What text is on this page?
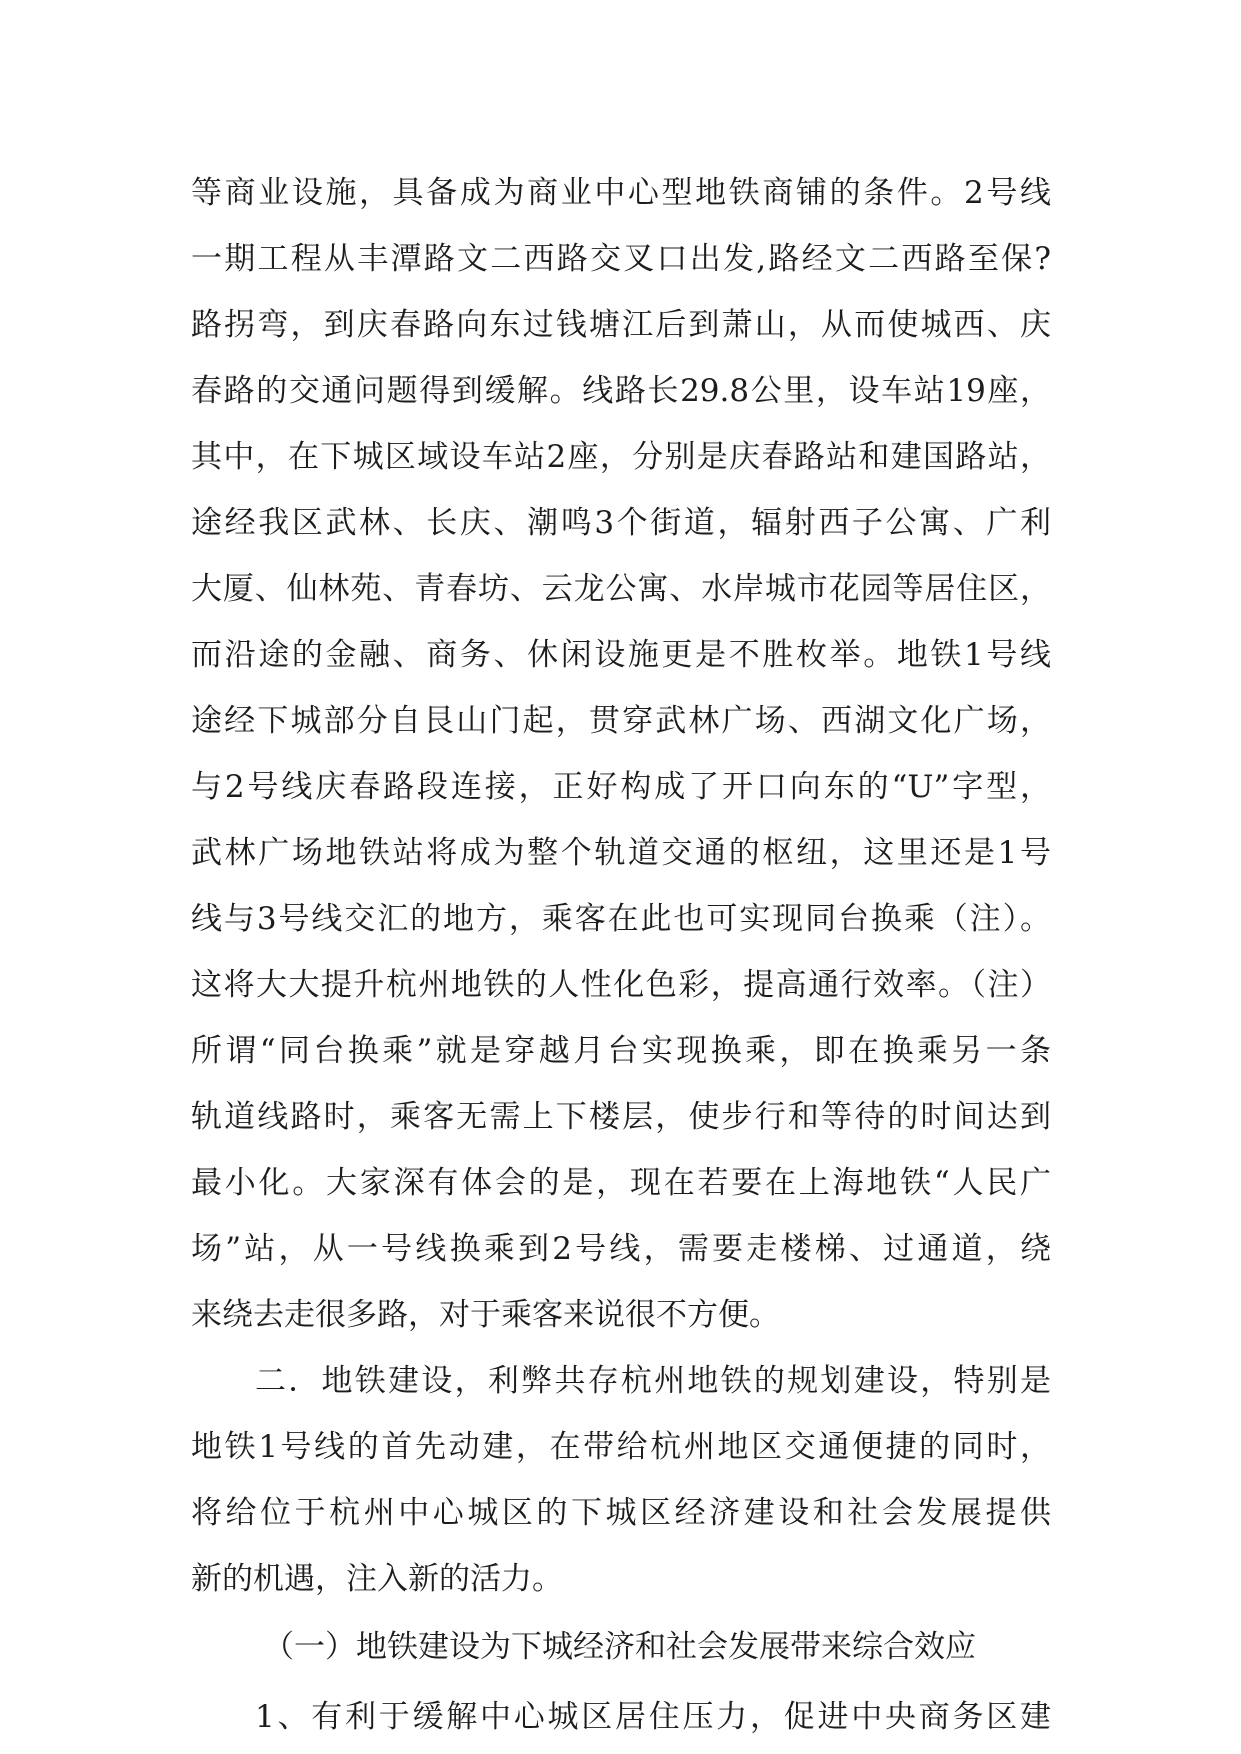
等商业设施，具备成为商业中心型地铁商铺的条件。2号线
一期工程从丰潭路文二西路交叉口出发,路经文二西路至保?
路拐弯，到庆春路向东过钱塘江后到萧山，从而使城西、庆
春路的交通问题得到缓解。线路长29.8公里，设车站19座，
其中，在下城区域设车站2座，分别是庆春路站和建国路站，
途经我区武林、长庆、潮鸣3个街道，辐射西子公寓、广利
大厦、仙林苑、青春坊、云龙公寓、水岸城市花园等居住区，
而沿途的金融、商务、休闲设施更是不胜枚举。地铁1号线
途经下城部分自艮山门起，贯穿武林广场、西湖文化广场，
与2号线庆春路段连接，正好构成了开口向东的“U”字型，
武林广场地铁站将成为整个轨道交通的枢纽，这里还是1号
线与3号线交汇的地方，乘客在此也可实现同台换乘（注）。
这将大大提升杭州地铁的人性化色彩，提高通行效率。（注）
所谓“同台换乘”就是穿越月台实现换乘，即在换乘另一条
轨道线路时，乘客无需上下楼层，使步行和等待的时间达到
最小化。大家深有体会的是，现在若要在上海地铁“人民广
场”站，从一号线换乘到2号线，需要走楼梯、过通道，绕
来绕去走很多路，对于乘客来说很不方便。
二．地铁建设，利弊共存杭州地铁的规划建设，特别是
地铁1号线的首先动建，在带给杭州地区交通便捷的同时，
将给位于杭州中心城区的下城区经济建设和社会发展提供
新的机遇，注入新的活力。
（一）地铁建设为下城经济和社会发展带来综合效应
1、有利于缓解中心城区居住压力，促进中央商务区建
